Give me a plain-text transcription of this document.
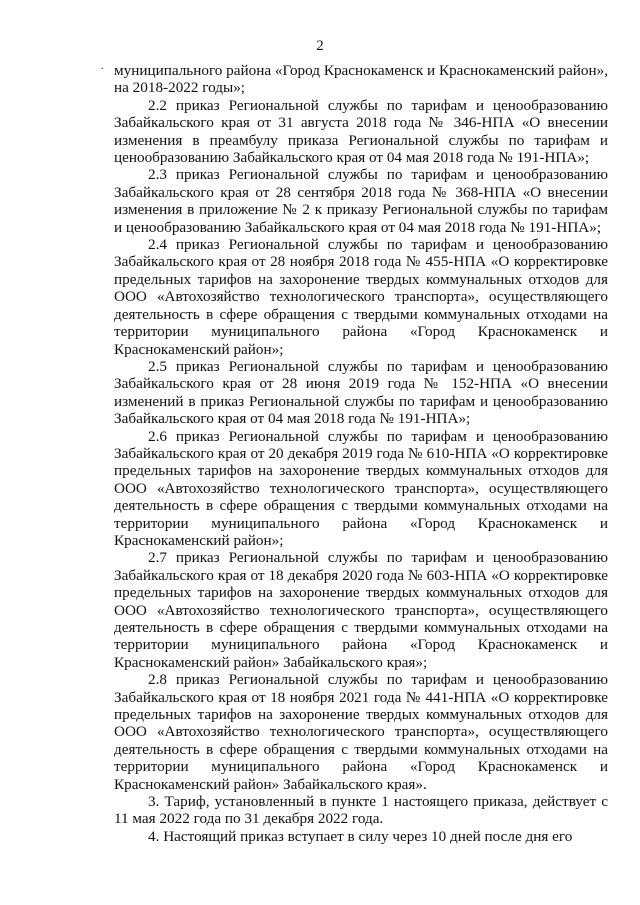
2
. муниципального района «Город Краснокаменск и Краснокаменский район», на 2018-2022 годы»;

2.2 приказ Региональной службы по тарифам и ценообразованию Забайкальского края от 31 августа 2018 года № 346-НПА «О внесении изменения в преамбулу приказа Региональной службы по тарифам и ценообразованию Забайкальского края от 04 мая 2018 года № 191-НПА»;

2.3 приказ Региональной службы по тарифам и ценообразованию Забайкальского края от 28 сентября 2018 года № 368-НПА «О внесении изменения в приложение № 2 к приказу Региональной службы по тарифам и ценообразованию Забайкальского края от 04 мая 2018 года № 191-НПА»;

2.4 приказ Региональной службы по тарифам и ценообразованию Забайкальского края от 28 ноября 2018 года № 455-НПА «О корректировке предельных тарифов на захоронение твердых коммунальных отходов для ООО «Автохозяйство технологического транспорта», осуществляющего деятельность в сфере обращения с твердыми коммунальных отходами на территории муниципального района «Город Краснокаменск и Краснокаменский район»;

2.5 приказ Региональной службы по тарифам и ценообразованию Забайкальского края от 28 июня 2019 года № 152-НПА «О внесении изменений в приказ Региональной службы по тарифам и ценообразованию Забайкальского края от 04 мая 2018 года № 191-НПА»;

2.6 приказ Региональной службы по тарифам и ценообразованию Забайкальского края от 20 декабря 2019 года № 610-НПА «О корректировке предельных тарифов на захоронение твердых коммунальных отходов для ООО «Автохозяйство технологического транспорта», осуществляющего деятельность в сфере обращения с твердыми коммунальных отходами на территории муниципального района «Город Краснокаменск и Краснокаменский район»;

2.7 приказ Региональной службы по тарифам и ценообразованию Забайкальского края от 18 декабря 2020 года № 603-НПА «О корректировке предельных тарифов на захоронение твердых коммунальных отходов для ООО «Автохозяйство технологического транспорта», осуществляющего деятельность в сфере обращения с твердыми коммунальных отходами на территории муниципального района «Город Краснокаменск и Краснокаменский район» Забайкальского края»;

2.8 приказ Региональной службы по тарифам и ценообразованию Забайкальского края от 18 ноября 2021 года № 441-НПА «О корректировке предельных тарифов на захоронение твердых коммунальных отходов для ООО «Автохозяйство технологического транспорта», осуществляющего деятельность в сфере обращения с твердыми коммунальных отходами на территории муниципального района «Город Краснокаменск и Краснокаменский район» Забайкальского края».

3. Тариф, установленный в пункте 1 настоящего приказа, действует с 11 мая 2022 года по 31 декабря 2022 года.

4. Настоящий приказ вступает в силу через 10 дней после дня его
